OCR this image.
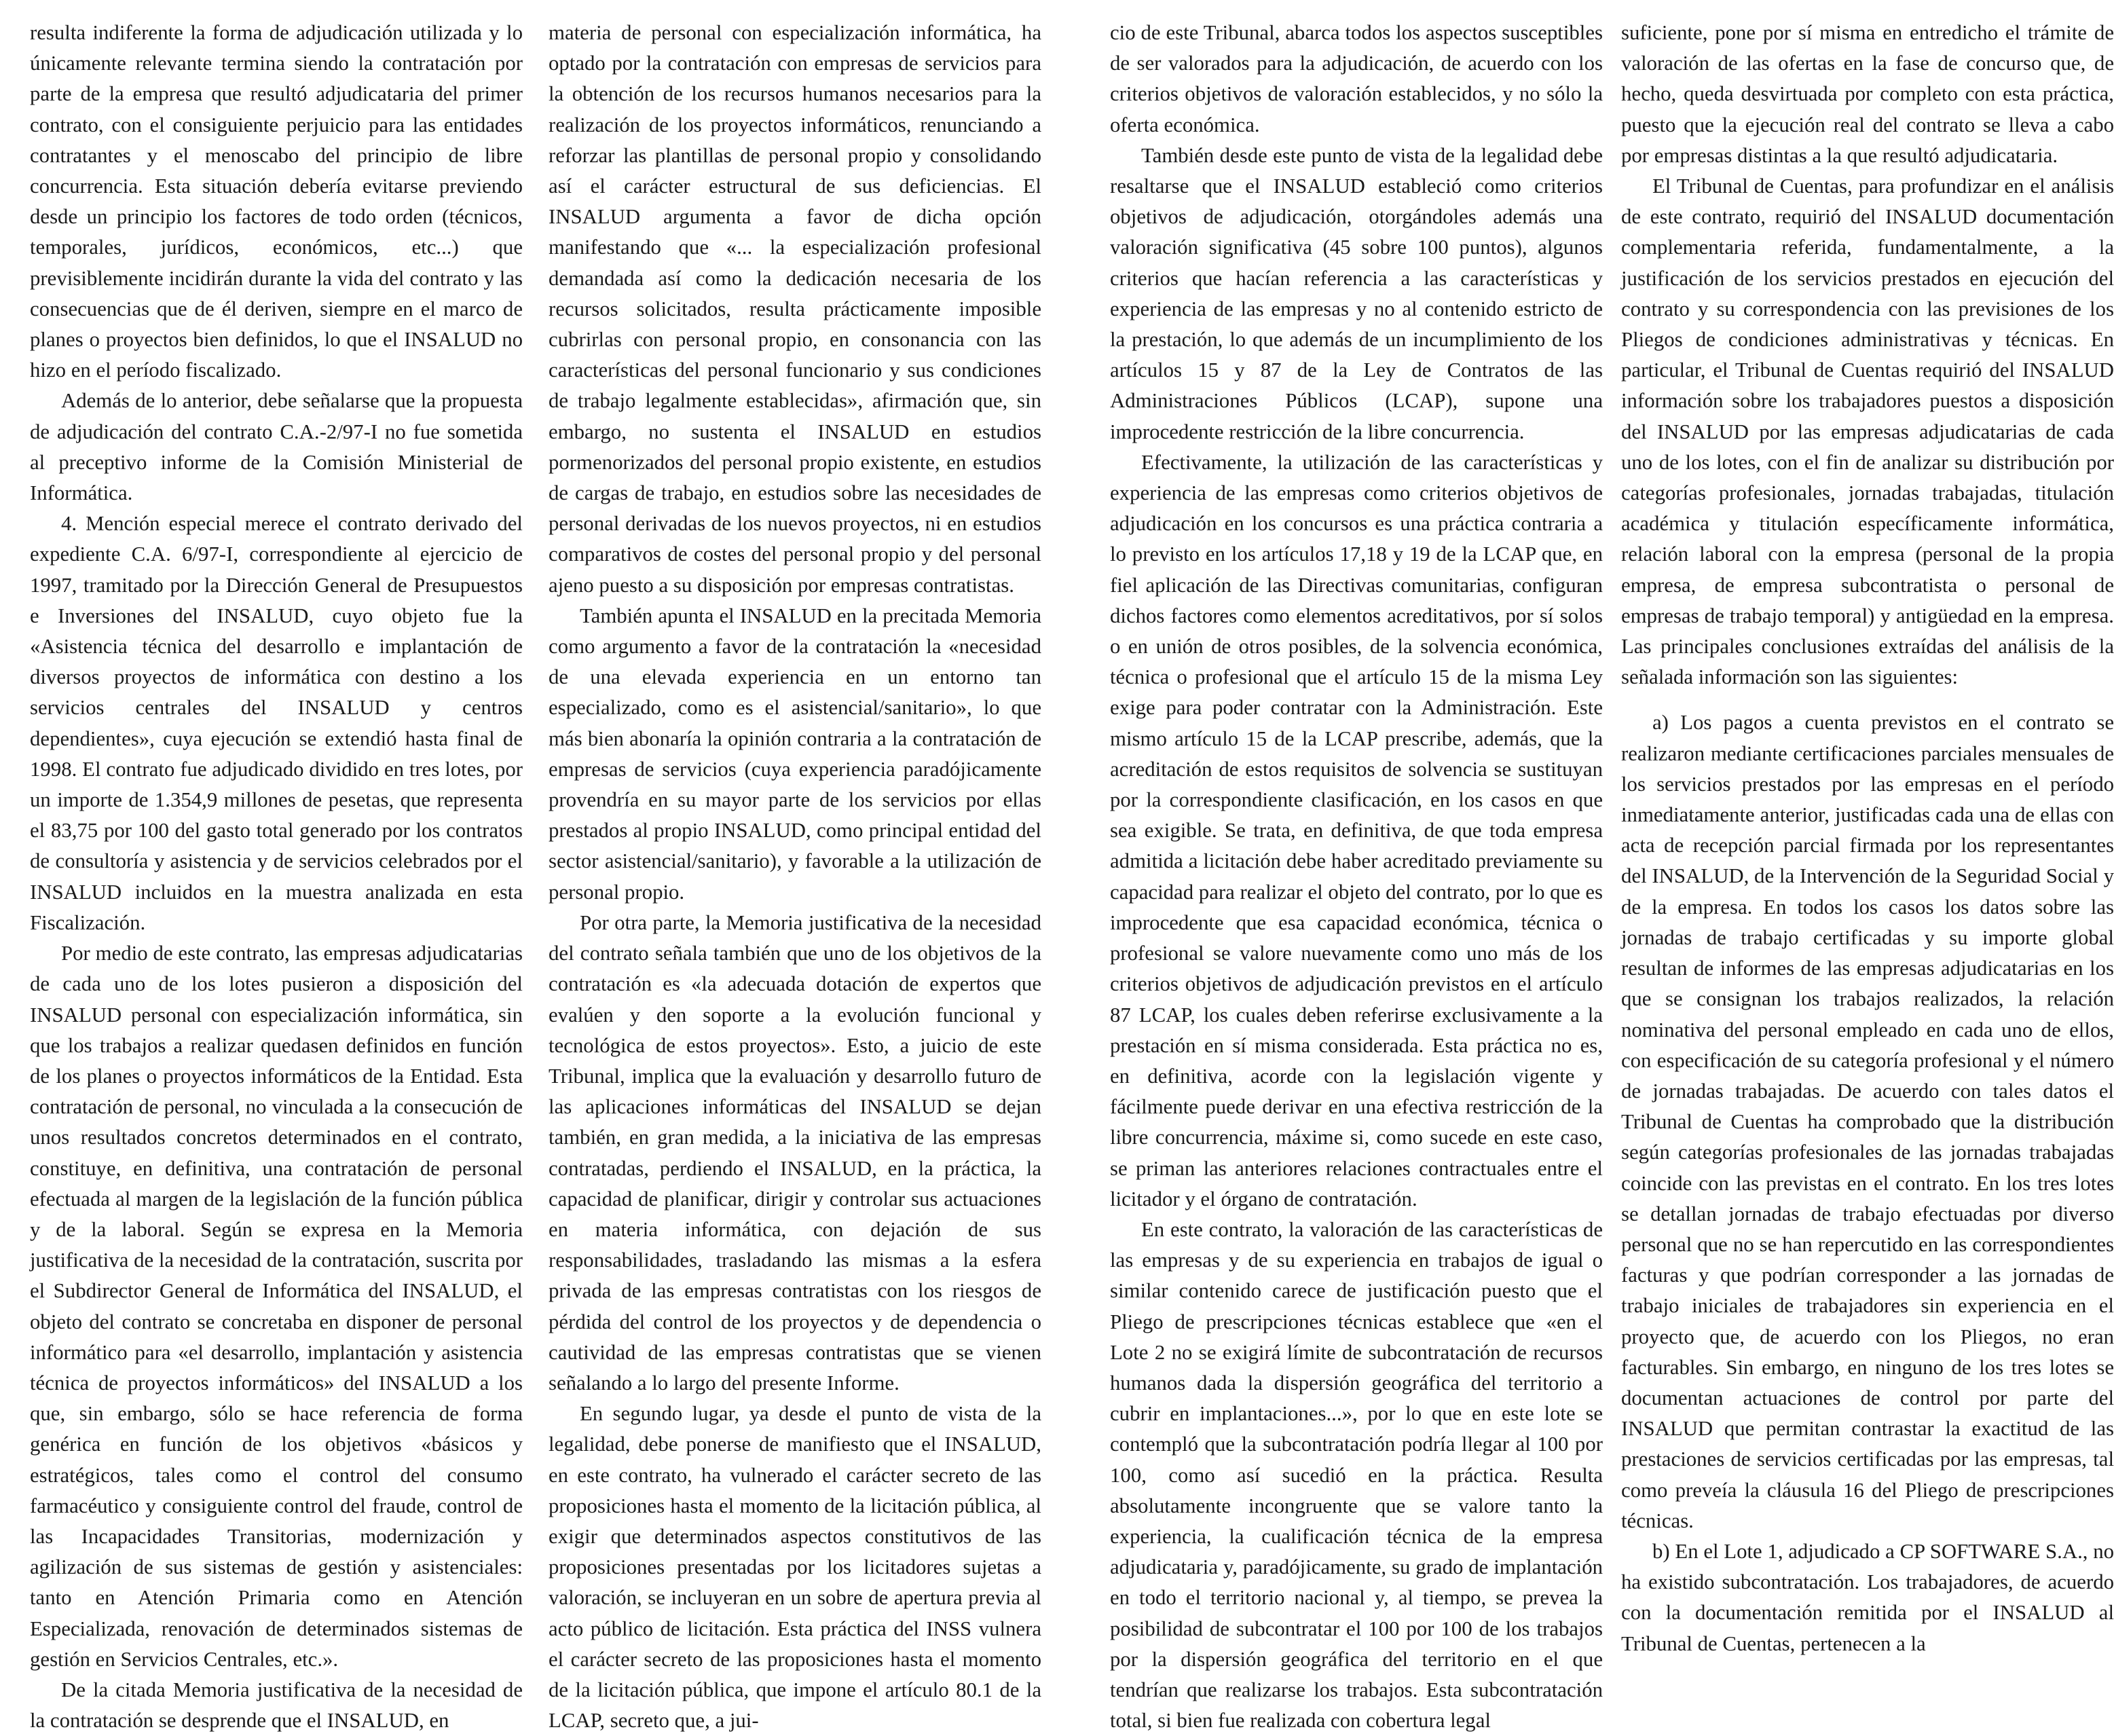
resulta indiferente la forma de adjudicación utilizada y lo únicamente relevante termina siendo la contratación por parte de la empresa que resultó adjudicataria del primer contrato, con el consiguiente perjuicio para las entidades contratantes y el menoscabo del principio de libre concurrencia. Esta situación debería evitarse previendo desde un principio los factores de todo orden (técnicos, temporales, jurídicos, económicos, etc...) que previsiblemente incidirán durante la vida del contrato y las consecuencias que de él deriven, siempre en el marco de planes o proyectos bien definidos, lo que el INSALUD no hizo en el período fiscalizado.

Además de lo anterior, debe señalarse que la propuesta de adjudicación del contrato C.A.-2/97-I no fue sometida al preceptivo informe de la Comisión Ministerial de Informática.

4. Mención especial merece el contrato derivado del expediente C.A. 6/97-I, correspondiente al ejercicio de 1997, tramitado por la Dirección General de Presupuestos e Inversiones del INSALUD, cuyo objeto fue la «Asistencia técnica del desarrollo e implantación de diversos proyectos de informática con destino a los servicios centrales del INSALUD y centros dependientes», cuya ejecución se extendió hasta final de 1998. El contrato fue adjudicado dividido en tres lotes, por un importe de 1.354,9 millones de pesetas, que representa el 83,75 por 100 del gasto total generado por los contratos de consultoría y asistencia y de servicios celebrados por el INSALUD incluidos en la muestra analizada en esta Fiscalización.

Por medio de este contrato, las empresas adjudicatarias de cada uno de los lotes pusieron a disposición del INSALUD personal con especialización informática, sin que los trabajos a realizar quedasen definidos en función de los planes o proyectos informáticos de la Entidad. Esta contratación de personal, no vinculada a la consecución de unos resultados concretos determinados en el contrato, constituye, en definitiva, una contratación de personal efectuada al margen de la legislación de la función pública y de la laboral. Según se expresa en la Memoria justificativa de la necesidad de la contratación, suscrita por el Subdirector General de Informática del INSALUD, el objeto del contrato se concretaba en disponer de personal informático para «el desarrollo, implantación y asistencia técnica de proyectos informáticos» del INSALUD a los que, sin embargo, sólo se hace referencia de forma genérica en función de los objetivos «básicos y estratégicos, tales como el control del consumo farmacéutico y consiguiente control del fraude, control de las Incapacidades Transitorias, modernización y agilización de sus sistemas de gestión y asistenciales: tanto en Atención Primaria como en Atención Especializada, renovación de determinados sistemas de gestión en Servicios Centrales, etc.».

De la citada Memoria justificativa de la necesidad de la contratación se desprende que el INSALUD, en

materia de personal con especialización informática, ha optado por la contratación con empresas de servicios para la obtención de los recursos humanos necesarios para la realización de los proyectos informáticos, renunciando a reforzar las plantillas de personal propio y consolidando así el carácter estructural de sus deficiencias. El INSALUD argumenta a favor de dicha opción manifestando que «... la especialización profesional demandada así como la dedicación necesaria de los recursos solicitados, resulta prácticamente imposible cubrirlas con personal propio, en consonancia con las características del personal funcionario y sus condiciones de trabajo legalmente establecidas», afirmación que, sin embargo, no sustenta el INSALUD en estudios pormenorizados del personal propio existente, en estudios de cargas de trabajo, en estudios sobre las necesidades de personal derivadas de los nuevos proyectos, ni en estudios comparativos de costes del personal propio y del personal ajeno puesto a su disposición por empresas contratistas.

También apunta el INSALUD en la precitada Memoria como argumento a favor de la contratación la «necesidad de una elevada experiencia en un entorno tan especializado, como es el asistencial/sanitario», lo que más bien abonaría la opinión contraria a la contratación de empresas de servicios (cuya experiencia paradójicamente provendría en su mayor parte de los servicios por ellas prestados al propio INSALUD, como principal entidad del sector asistencial/sanitario), y favorable a la utilización de personal propio.

Por otra parte, la Memoria justificativa de la necesidad del contrato señala también que uno de los objetivos de la contratación es «la adecuada dotación de expertos que evalúen y den soporte a la evolución funcional y tecnológica de estos proyectos». Esto, a juicio de este Tribunal, implica que la evaluación y desarrollo futuro de las aplicaciones informáticas del INSALUD se dejan también, en gran medida, a la iniciativa de las empresas contratadas, perdiendo el INSALUD, en la práctica, la capacidad de planificar, dirigir y controlar sus actuaciones en materia informática, con dejación de sus responsabilidades, trasladando las mismas a la esfera privada de las empresas contratistas con los riesgos de pérdida del control de los proyectos y de dependencia o cautividad de las empresas contratistas que se vienen señalando a lo largo del presente Informe.

En segundo lugar, ya desde el punto de vista de la legalidad, debe ponerse de manifiesto que el INSALUD, en este contrato, ha vulnerado el carácter secreto de las proposiciones hasta el momento de la licitación pública, al exigir que determinados aspectos constitutivos de las proposiciones presentadas por los licitadores sujetas a valoración, se incluyeran en un sobre de apertura previa al acto público de licitación. Esta práctica del INSS vulnera el carácter secreto de las proposiciones hasta el momento de la licitación pública, que impone el artículo 80.1 de la LCAP, secreto que, a jui-

cio de este Tribunal, abarca todos los aspectos susceptibles de ser valorados para la adjudicación, de acuerdo con los criterios objetivos de valoración establecidos, y no sólo la oferta económica.

También desde este punto de vista de la legalidad debe resaltarse que el INSALUD estableció como criterios objetivos de adjudicación, otorgándoles además una valoración significativa (45 sobre 100 puntos), algunos criterios que hacían referencia a las características y experiencia de las empresas y no al contenido estricto de la prestación, lo que además de un incumplimiento de los artículos 15 y 87 de la Ley de Contratos de las Administraciones Públicos (LCAP), supone una improcedente restricción de la libre concurrencia.

Efectivamente, la utilización de las características y experiencia de las empresas como criterios objetivos de adjudicación en los concursos es una práctica contraria a lo previsto en los artículos 17,18 y 19 de la LCAP que, en fiel aplicación de las Directivas comunitarias, configuran dichos factores como elementos acreditativos, por sí solos o en unión de otros posibles, de la solvencia económica, técnica o profesional que el artículo 15 de la misma Ley exige para poder contratar con la Administración. Este mismo artículo 15 de la LCAP prescribe, además, que la acreditación de estos requisitos de solvencia se sustituyan por la correspondiente clasificación, en los casos en que sea exigible. Se trata, en definitiva, de que toda empresa admitida a licitación debe haber acreditado previamente su capacidad para realizar el objeto del contrato, por lo que es improcedente que esa capacidad económica, técnica o profesional se valore nuevamente como uno más de los criterios objetivos de adjudicación previstos en el artículo 87 LCAP, los cuales deben referirse exclusivamente a la prestación en sí misma considerada. Esta práctica no es, en definitiva, acorde con la legislación vigente y fácilmente puede derivar en una efectiva restricción de la libre concurrencia, máxime si, como sucede en este caso, se priman las anteriores relaciones contractuales entre el licitador y el órgano de contratación.

En este contrato, la valoración de las características de las empresas y de su experiencia en trabajos de igual o similar contenido carece de justificación puesto que el Pliego de prescripciones técnicas establece que «en el Lote 2 no se exigirá límite de subcontratación de recursos humanos dada la dispersión geográfica del territorio a cubrir en implantaciones...», por lo que en este lote se contempló que la subcontratación podría llegar al 100 por 100, como así sucedió en la práctica. Resulta absolutamente incongruente que se valore tanto la experiencia, la cualificación técnica de la empresa adjudicataria y, paradójicamente, su grado de implantación en todo el territorio nacional y, al tiempo, se prevea la posibilidad de subcontratar el 100 por 100 de los trabajos por la dispersión geográfica del territorio en el que tendrían que realizarse los trabajos. Esta subcontratación total, si bien fue realizada con cobertura legal

suficiente, pone por sí misma en entredicho el trámite de valoración de las ofertas en la fase de concurso que, de hecho, queda desvirtuada por completo con esta práctica, puesto que la ejecución real del contrato se lleva a cabo por empresas distintas a la que resultó adjudicataria.

El Tribunal de Cuentas, para profundizar en el análisis de este contrato, requirió del INSALUD documentación complementaria referida, fundamentalmente, a la justificación de los servicios prestados en ejecución del contrato y su correspondencia con las previsiones de los Pliegos de condiciones administrativas y técnicas. En particular, el Tribunal de Cuentas requirió del INSALUD información sobre los trabajadores puestos a disposición del INSALUD por las empresas adjudicatarias de cada uno de los lotes, con el fin de analizar su distribución por categorías profesionales, jornadas trabajadas, titulación académica y titulación específicamente informática, relación laboral con la empresa (personal de la propia empresa, de empresa subcontratista o personal de empresas de trabajo temporal) y antigüedad en la empresa. Las principales conclusiones extraídas del análisis de la señalada información son las siguientes:

a) Los pagos a cuenta previstos en el contrato se realizaron mediante certificaciones parciales mensuales de los servicios prestados por las empresas en el período inmediatamente anterior, justificadas cada una de ellas con acta de recepción parcial firmada por los representantes del INSALUD, de la Intervención de la Seguridad Social y de la empresa. En todos los casos los datos sobre las jornadas de trabajo certificadas y su importe global resultan de informes de las empresas adjudicatarias en los que se consignan los trabajos realizados, la relación nominativa del personal empleado en cada uno de ellos, con especificación de su categoría profesional y el número de jornadas trabajadas. De acuerdo con tales datos el Tribunal de Cuentas ha comprobado que la distribución según categorías profesionales de las jornadas trabajadas coincide con las previstas en el contrato. En los tres lotes se detallan jornadas de trabajo efectuadas por diverso personal que no se han repercutido en las correspondientes facturas y que podrían corresponder a las jornadas de trabajo iniciales de trabajadores sin experiencia en el proyecto que, de acuerdo con los Pliegos, no eran facturables. Sin embargo, en ninguno de los tres lotes se documentan actuaciones de control por parte del INSALUD que permitan contrastar la exactitud de las prestaciones de servicios certificadas por las empresas, tal como preveía la cláusula 16 del Pliego de prescripciones técnicas.

b) En el Lote 1, adjudicado a CP SOFTWARE S.A., no ha existido subcontratación. Los trabajadores, de acuerdo con la documentación remitida por el INSALUD al Tribunal de Cuentas, pertenecen a la
